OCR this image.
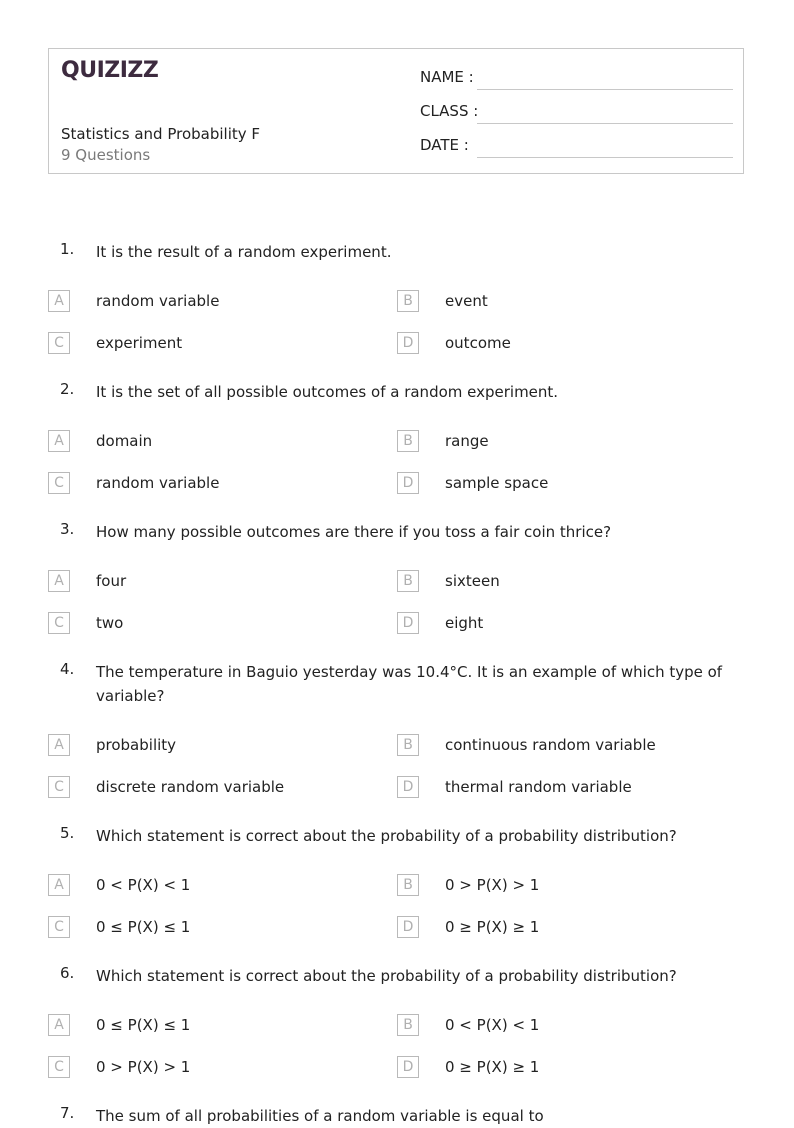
QUIZIZZ
Statistics and Probability F
9 Questions
NAME :
CLASS :
DATE :
1. It is the result of a random experiment.
A	random variable	B	event
C	experiment	D	outcome
2. It is the set of all possible outcomes of a random experiment.
A	domain	B	range
C	random variable	D	sample space
3. How many possible outcomes are there if you toss a fair coin thrice?
A	four	B	sixteen
C	two	D	eight
4. The temperature in Baguio yesterday was 10.4°C. It is an example of which type of variable?
A	probability	B	continuous random variable
C	discrete random variable	D	thermal random variable
5. Which statement is correct about the probability of a probability distribution?
A	0 < P(X) < 1	B	0 > P(X) > 1
C	0 ≤ P(X) ≤ 1	D	0 ≥ P(X) ≥ 1
6. Which statement is correct about the probability of a probability distribution?
A	0 ≤ P(X) ≤ 1	B	0 < P(X) < 1
C	0 > P(X) > 1	D	0 ≥ P(X) ≥ 1
7. The sum of all probabilities of a random variable is equal to
